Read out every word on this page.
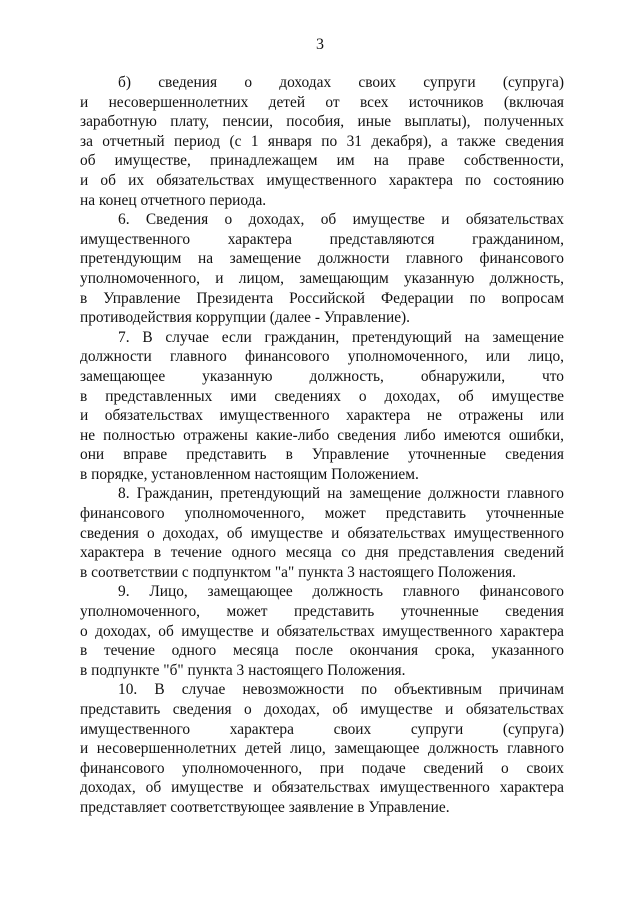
3
б) сведения о доходах своих супруги (супруга)
и несовершеннолетних детей от всех источников (включая
заработную плату, пенсии, пособия, иные выплаты), полученных
за отчетный период (с 1 января по 31 декабря), а также сведения
об имуществе, принадлежащем им на праве собственности,
и об их обязательствах имущественного характера по состоянию
на конец отчетного периода.
6. Сведения о доходах, об имуществе и обязательствах
имущественного характера представляются гражданином,
претендующим на замещение должности главного финансового
уполномоченного, и лицом, замещающим указанную должность,
в Управление Президента Российской Федерации по вопросам
противодействия коррупции (далее - Управление).
7. В случае если гражданин, претендующий на замещение
должности главного финансового уполномоченного, или лицо,
замещающее указанную должность, обнаружили, что
в представленных ими сведениях о доходах, об имуществе
и обязательствах имущественного характера не отражены или
не полностью отражены какие-либо сведения либо имеются ошибки,
они вправе представить в Управление уточненные сведения
в порядке, установленном настоящим Положением.
8. Гражданин, претендующий на замещение должности главного
финансового уполномоченного, может представить уточненные
сведения о доходах, об имуществе и обязательствах имущественного
характера в течение одного месяца со дня представления сведений
в соответствии с подпунктом "а" пункта 3 настоящего Положения.
9. Лицо, замещающее должность главного финансового
уполномоченного, может представить уточненные сведения
о доходах, об имуществе и обязательствах имущественного характера
в течение одного месяца после окончания срока, указанного
в подпункте "б" пункта 3 настоящего Положения.
10. В случае невозможности по объективным причинам
представить сведения о доходах, об имуществе и обязательствах
имущественного характера своих супруги (супруга)
и несовершеннолетних детей лицо, замещающее должность главного
финансового уполномоченного, при подаче сведений о своих
доходах, об имуществе и обязательствах имущественного характера
представляет соответствующее заявление в Управление.
